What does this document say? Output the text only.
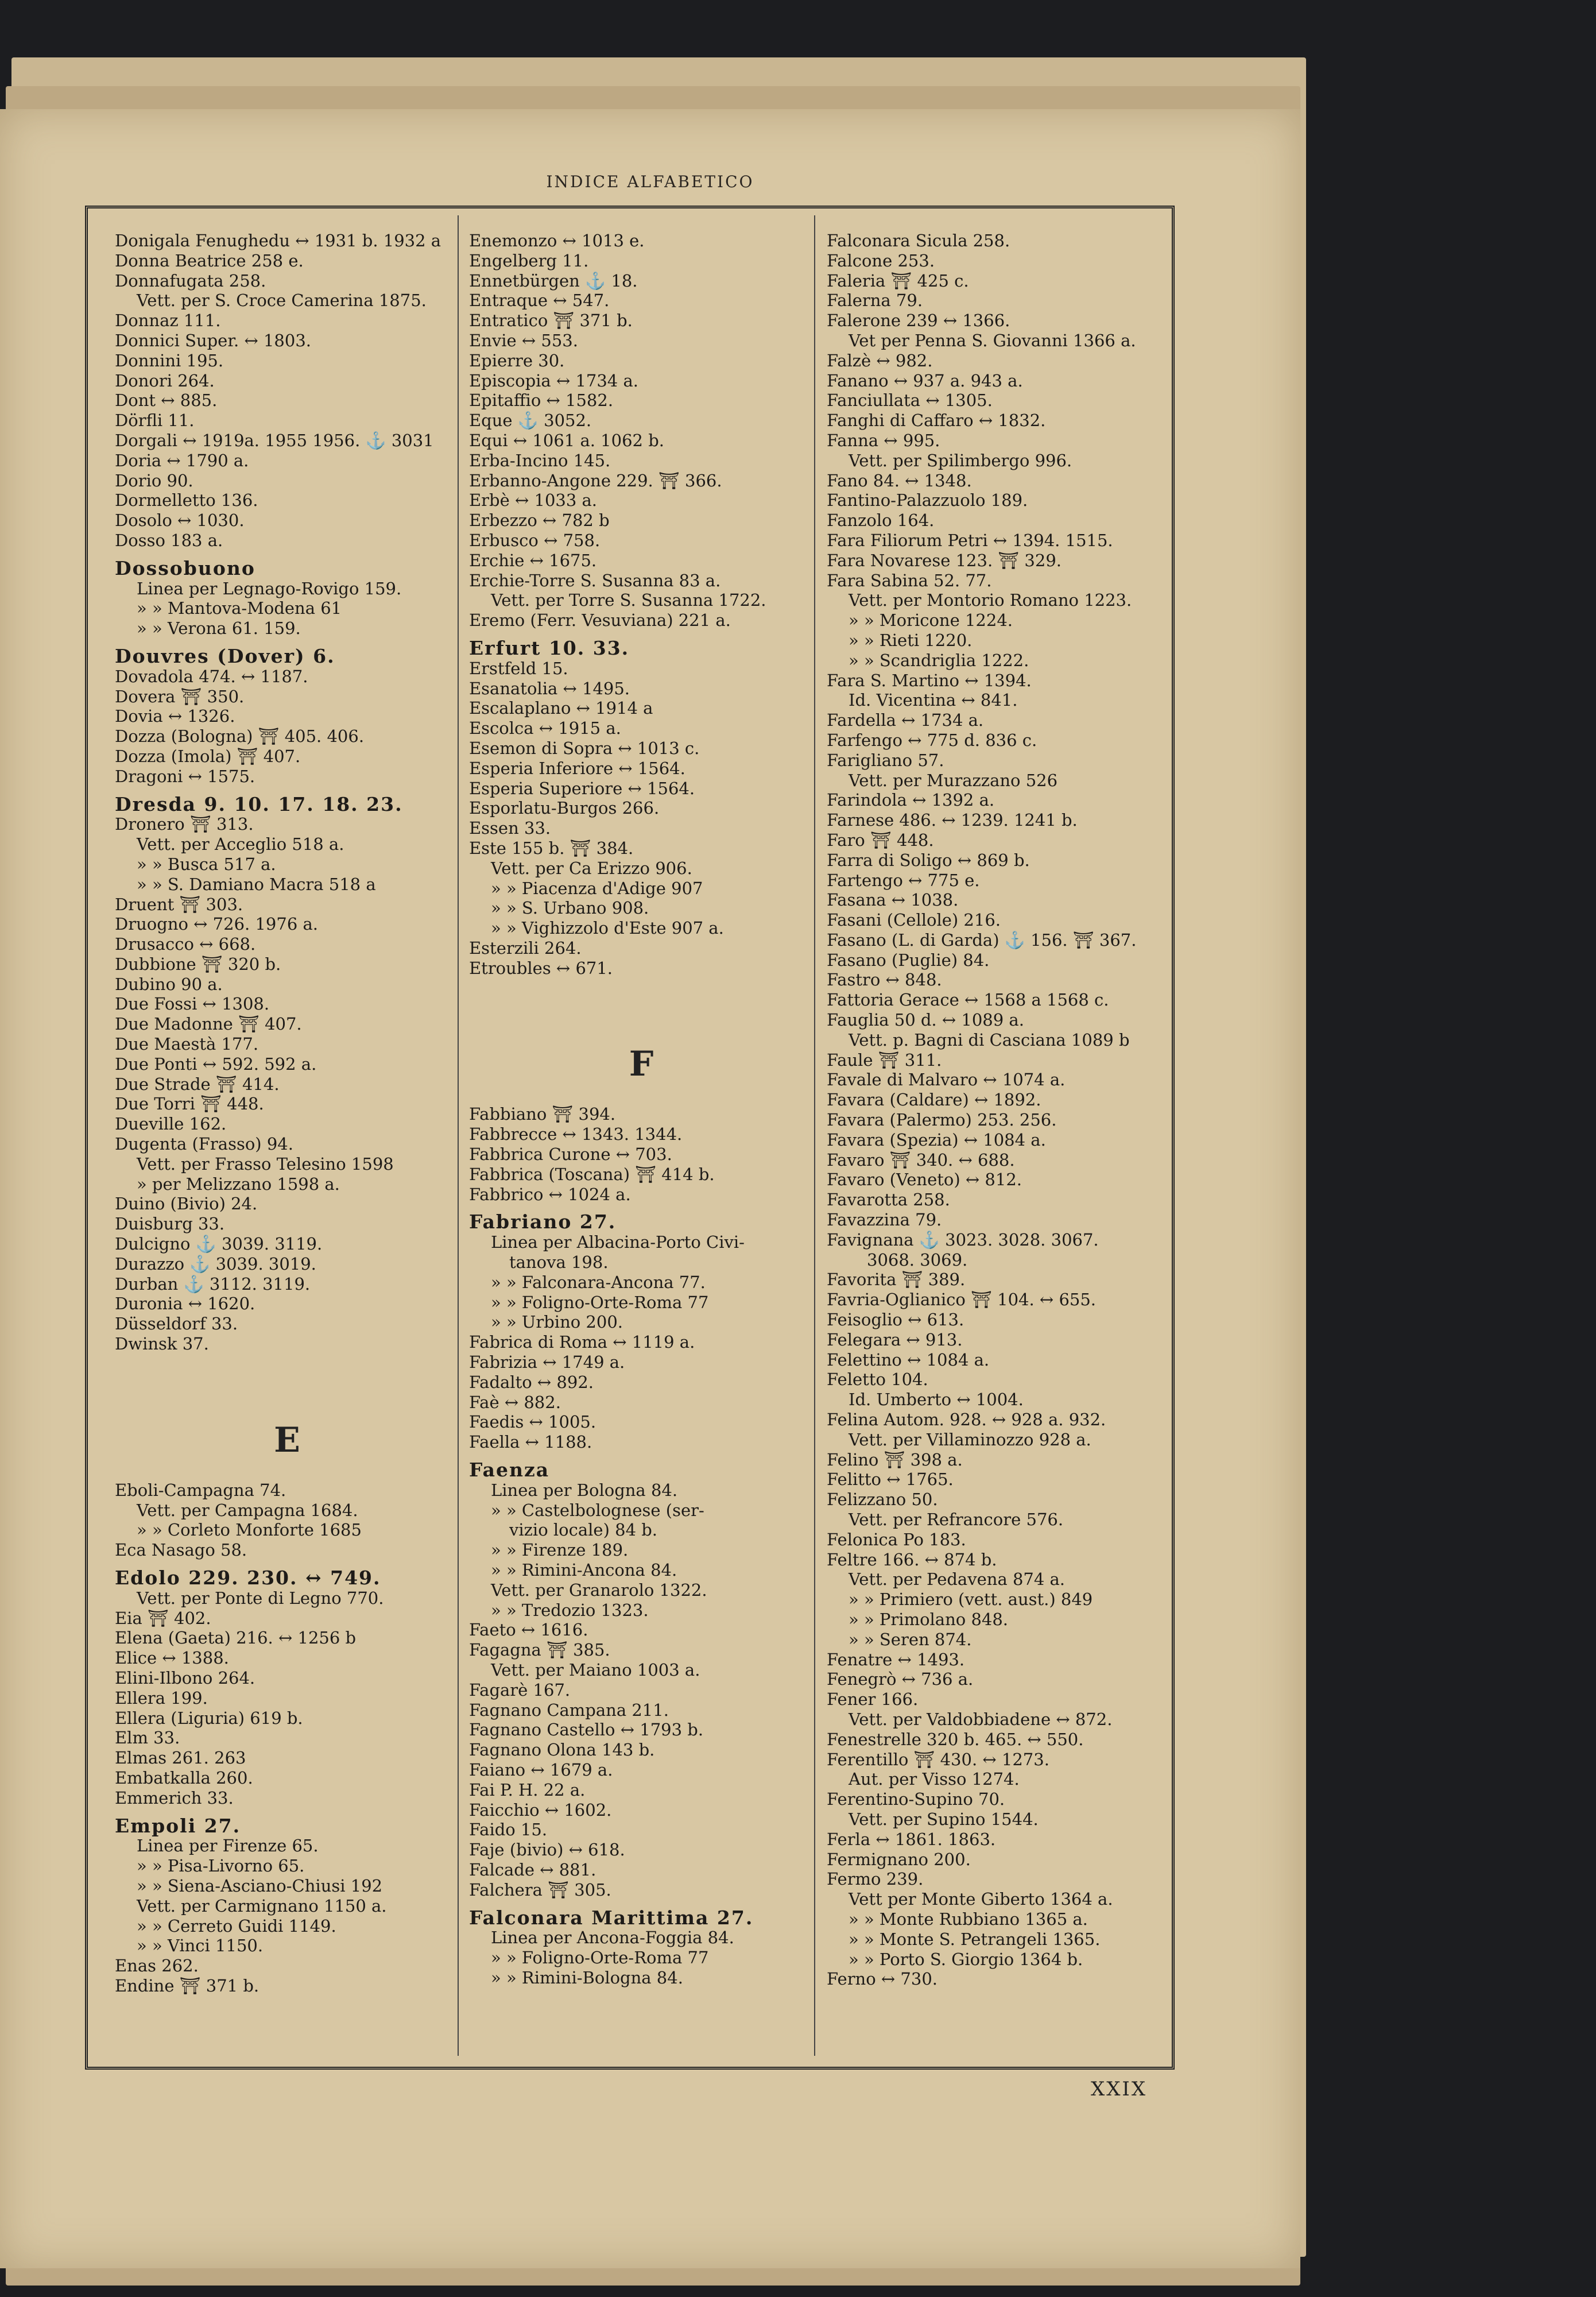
INDICE ALFABETICO
Donigala Fenughedu ↔ 1931 b. 1932 a
Donna Beatrice 258 e.
Donnafugata 258.
Vett. per S. Croce Camerina 1875.
Donnaz 111.
Donnici Super. ↔ 1803.
Donnini 195.
Donori 264.
Dont ↔ 885.
Dörfli 11.
Dorgali ↔ 1919a. 1955 1956. ⚓ 3031
Doria ↔ 1790 a.
Dorio 90.
Dormelletto 136.
Dosolo ↔ 1030.
Dosso 183 a.
Dossobuono
Linea per Legnago-Rovigo 159.
» » Mantova-Modena 61
» » Verona 61. 159.
Douvres (Dover) 6.
Dovadola 474. ↔ 1187.
Dovera ⛩ 350.
Dovia ↔ 1326.
Dozza (Bologna) ⛩ 405. 406.
Dozza (Imola) ⛩ 407.
Dragoni ↔ 1575.
Dresda 9. 10. 17. 18. 23.
Dronero ⛩ 313.
Vett. per Acceglio 518 a.
» » Busca 517 a.
» » S. Damiano Macra 518 a
Druent ⛩ 303.
Druogno ↔ 726. 1976 a.
Drusacco ↔ 668.
Dubbione ⛩ 320 b.
Dubino 90 a.
Due Fossi ↔ 1308.
Due Madonne ⛩ 407.
Due Maestà 177.
Due Ponti ↔ 592. 592 a.
Due Strade ⛩ 414.
Due Torri ⛩ 448.
Dueville 162.
Dugenta (Frasso) 94.
Vett. per Frasso Telesino 1598
» per Melizzano 1598 a.
Duino (Bivio) 24.
Duisburg 33.
Dulcigno ⚓ 3039. 3119.
Durazzo ⚓ 3039. 3019.
Durban ⚓ 3112. 3119.
Duronia ↔ 1620.
Düsseldorf 33.
Dwinsk 37.
E
Eboli-Campagna 74.
Vett. per Campagna 1684.
» » Corleto Monforte 1685
Eca Nasago 58.
Edolo 229. 230. ↔ 749.
Vett. per Ponte di Legno 770.
Eia ⛩ 402.
Elena (Gaeta) 216. ↔ 1256 b
Elice ↔ 1388.
Elini-Ilbono 264.
Ellera 199.
Ellera (Liguria) 619 b.
Elm 33.
Elmas 261. 263
Embatkalla 260.
Emmerich 33.
Empoli 27.
Linea per Firenze 65.
» » Pisa-Livorno 65.
» » Siena-Asciano-Chiusi 192
Vett. per Carmignano 1150 a.
» » Cerreto Guidi 1149.
» » Vinci 1150.
Enas 262.
Endine ⛩ 371 b.
Enemonzo ↔ 1013 e.
Engelberg 11.
Ennetbürgen ⚓ 18.
Entraque ↔ 547.
Entratico ⛩ 371 b.
Envie ↔ 553.
Epierre 30.
Episcopia ↔ 1734 a.
Epitaffio ↔ 1582.
Eque ⚓ 3052.
Equi ↔ 1061 a. 1062 b.
Erba-Incino 145.
Erbanno-Angone 229. ⛩ 366.
Erbè ↔ 1033 a.
Erbezzo ↔ 782 b
Erbusco ↔ 758.
Erchie ↔ 1675.
Erchie-Torre S. Susanna 83 a.
Vett. per Torre S. Susanna 1722.
Eremo (Ferr. Vesuviana) 221 a.
Erfurt 10. 33.
Erstfeld 15.
Esanatolia ↔ 1495.
Escalaplano ↔ 1914 a
Escolca ↔ 1915 a.
Esemon di Sopra ↔ 1013 c.
Esperia Inferiore ↔ 1564.
Esperia Superiore ↔ 1564.
Esporlatu-Burgos 266.
Essen 33.
Este 155 b. ⛩ 384.
Vett. per Ca Erizzo 906.
» » Piacenza d'Adige 907
» » S. Urbano 908.
» » Vighizzolo d'Este 907 a.
Esterzili 264.
Etroubles ↔ 671.
F
Fabbiano ⛩ 394.
Fabbrecce ↔ 1343. 1344.
Fabbrica Curone ↔ 703.
Fabbrica (Toscana) ⛩ 414 b.
Fabbrico ↔ 1024 a.
Fabriano 27.
Linea per Albacina-Porto Civi-
tanova 198.
» » Falconara-Ancona 77.
» » Foligno-Orte-Roma 77
» » Urbino 200.
Fabrica di Roma ↔ 1119 a.
Fabrizia ↔ 1749 a.
Fadalto ↔ 892.
Faè ↔ 882.
Faedis ↔ 1005.
Faella ↔ 1188.
Faenza
Linea per Bologna 84.
» » Castelbolognese (ser-
vizio locale) 84 b.
» » Firenze 189.
» » Rimini-Ancona 84.
Vett. per Granarolo 1322.
» » Tredozio 1323.
Faeto ↔ 1616.
Fagagna ⛩ 385.
Vett. per Maiano 1003 a.
Fagarè 167.
Fagnano Campana 211.
Fagnano Castello ↔ 1793 b.
Fagnano Olona 143 b.
Faiano ↔ 1679 a.
Fai P. H. 22 a.
Faicchio ↔ 1602.
Faido 15.
Faje (bivio) ↔ 618.
Falcade ↔ 881.
Falchera ⛩ 305.
Falconara Marittima 27.
Linea per Ancona-Foggia 84.
» » Foligno-Orte-Roma 77
» » Rimini-Bologna 84.
Falconara Sicula 258.
Falcone 253.
Faleria ⛩ 425 c.
Falerna 79.
Falerone 239 ↔ 1366.
Vet per Penna S. Giovanni 1366 a.
Falzè ↔ 982.
Fanano ↔ 937 a. 943 a.
Fanciullata ↔ 1305.
Fanghi di Caffaro ↔ 1832.
Fanna ↔ 995.
Vett. per Spilimbergo 996.
Fano 84. ↔ 1348.
Fantino-Palazzuolo 189.
Fanzolo 164.
Fara Filiorum Petri ↔ 1394. 1515.
Fara Novarese 123. ⛩ 329.
Fara Sabina 52. 77.
Vett. per Montorio Romano 1223.
» » Moricone 1224.
» » Rieti 1220.
» » Scandriglia 1222.
Fara S. Martino ↔ 1394.
Id. Vicentina ↔ 841.
Fardella ↔ 1734 a.
Farfengo ↔ 775 d. 836 c.
Farigliano 57.
Vett. per Murazzano 526
Farindola ↔ 1392 a.
Farnese 486. ↔ 1239. 1241 b.
Faro ⛩ 448.
Farra di Soligo ↔ 869 b.
Fartengo ↔ 775 e.
Fasana ↔ 1038.
Fasani (Cellole) 216.
Fasano (L. di Garda) ⚓ 156. ⛩ 367.
Fasano (Puglie) 84.
Fastro ↔ 848.
Fattoria Gerace ↔ 1568 a 1568 c.
Fauglia 50 d. ↔ 1089 a.
Vett. p. Bagni di Casciana 1089 b
Faule ⛩ 311.
Favale di Malvaro ↔ 1074 a.
Favara (Caldare) ↔ 1892.
Favara (Palermo) 253. 256.
Favara (Spezia) ↔ 1084 a.
Favaro ⛩ 340. ↔ 688.
Favaro (Veneto) ↔ 812.
Favarotta 258.
Favazzina 79.
Favignana ⚓ 3023. 3028. 3067.
3068. 3069.
Favorita ⛩ 389.
Favria-Oglianico ⛩ 104. ↔ 655.
Feisoglio ↔ 613.
Felegara ↔ 913.
Felettino ↔ 1084 a.
Feletto 104.
Id. Umberto ↔ 1004.
Felina Autom. 928. ↔ 928 a. 932.
Vett. per Villaminozzo 928 a.
Felino ⛩ 398 a.
Felitto ↔ 1765.
Felizzano 50.
Vett. per Refrancore 576.
Felonica Po 183.
Feltre 166. ↔ 874 b.
Vett. per Pedavena 874 a.
» » Primiero (vett. aust.) 849
» » Primolano 848.
» » Seren 874.
Fenatre ↔ 1493.
Fenegrò ↔ 736 a.
Fener 166.
Vett. per Valdobbiadene ↔ 872.
Fenestrelle 320 b. 465. ↔ 550.
Ferentillo ⛩ 430. ↔ 1273.
Aut. per Visso 1274.
Ferentino-Supino 70.
Vett. per Supino 1544.
Ferla ↔ 1861. 1863.
Fermignano 200.
Fermo 239.
Vett per Monte Giberto 1364 a.
» » Monte Rubbiano 1365 a.
» » Monte S. Petrangeli 1365.
» » Porto S. Giorgio 1364 b.
Ferno ↔ 730.
XXIX
